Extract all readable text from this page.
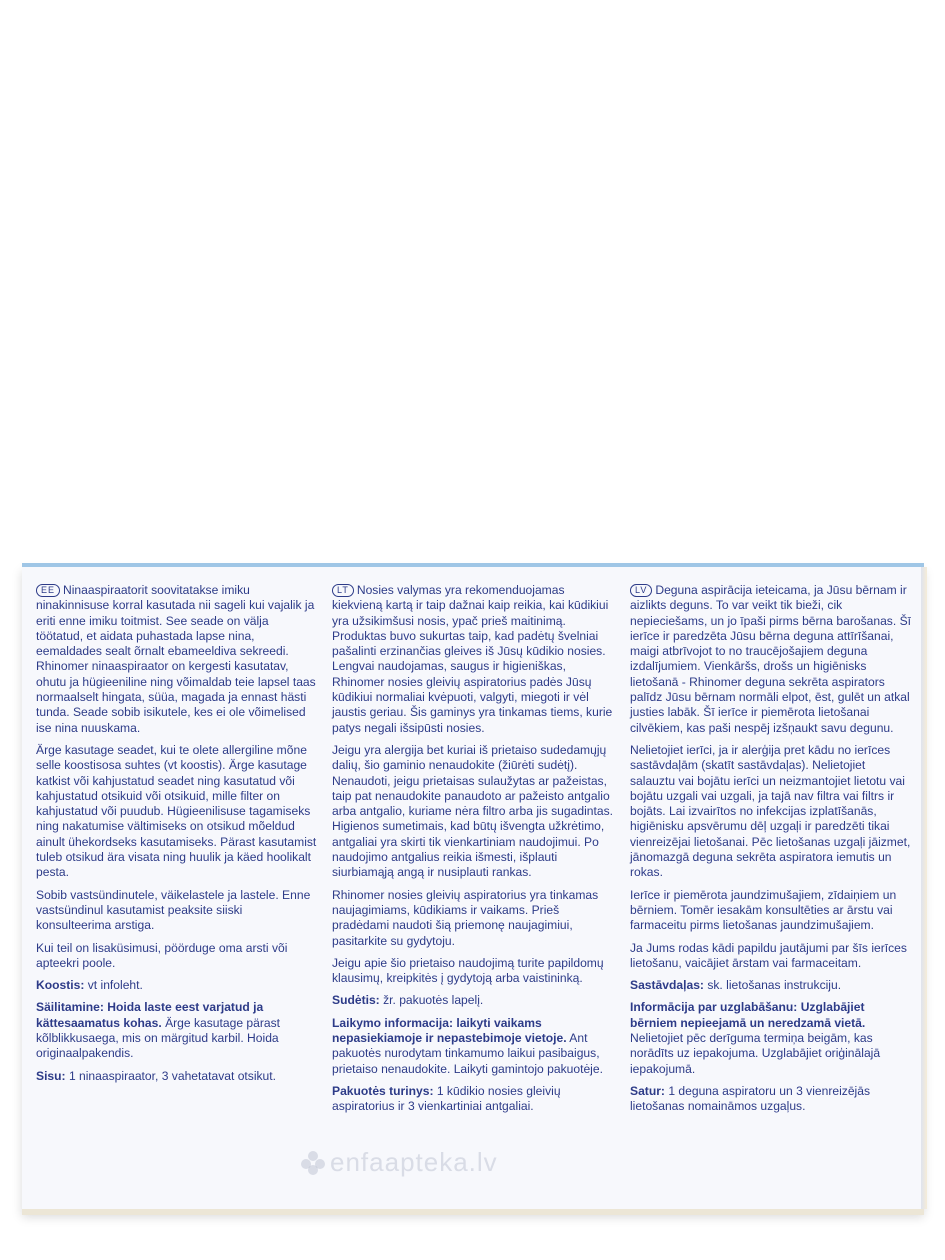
EE Ninaaspiraatorit soovitatakse imiku ninakinnisuse korral kasutada nii sageli kui vajalik ja eriti enne imiku toitmist. See seade on välja töötatud, et aidata puhastada lapse nina, eemaldades sealt õrnalt ebameeldiva sekreedi. Rhinomer ninaaspiraator on kergesti kasutatav, ohutu ja hügieeniline ning võimaldab teie lapsel taas normaalselt hingata, süüa, magada ja ennast hästi tunda. Seade sobib isikutele, kes ei ole võimelised ise nina nuuskama.

Ärge kasutage seadet, kui te olete allergiline mõne selle koostisosa suhtes (vt koostis). Ärge kasutage katkist või kahjustatud seadet ning kasutatud või kahjustatud otsikuid või otsikuid, mille filter on kahjustatud või puudub. Hügieenilisuse tagamiseks ning nakatumise vältimiseks on otsikud mõeldud ainult ühekordseks kasutamiseks. Pärast kasutamist tuleb otsikud ära visata ning huulik ja käed hoolikalt pesta.

Sobib vastsündinutele, väikelastele ja lastele. Enne vastsündinul kasutamist peaksite siiski konsulteerima arstiga.

Kui teil on lisaküsimusi, pöörduge oma arsti või apteekri poole.

Koostis: vt infoleht.

Säilitamine: Hoida laste eest varjatud ja kättesaamatus kohas. Ärge kasutage pärast kõlblikkusaega, mis on märgitud karbil. Hoida originaalpakendis.

Sisu: 1 ninaaspiraator, 3 vahetatavat otsikut.

LT Nosies valymas yra rekomenduojamas kiekvieną kartą ir taip dažnai kaip reikia, kai kūdikiui yra užsikimšusi nosis, ypač prieš maitinimą. Produktas buvo sukurtas taip, kad padėtų švelniai pašalinti erzinančias gleives iš Jūsų kūdikio nosies. Lengvai naudojamas, saugus ir higieniškas, Rhinomer nosies gleivių aspiratorius padės Jūsų kūdikiui normaliai kvėpuoti, valgyti, miegoti ir vėl jaustis geriau. Šis gaminys yra tinkamas tiems, kurie patys negali išsipūsti nosies.

Jeigu yra alergija bet kuriai iš prietaiso sudedamųjų dalių, šio gaminio nenaudokite (žiūrėti sudėtį). Nenaudoti, jeigu prietaisas sulaužytas ar pažeistas, taip pat nenaudokite panaudoto ar pažeisto antgalio arba antgalio, kuriame nėra filtro arba jis sugadintas. Higienos sumetimais, kad būtų išvengta užkrėtimo, antgaliai yra skirti tik vienkartiniam naudojimui. Po naudojimo antgalius reikia išmesti, išplauti siurbiamąją angą ir nusiplauti rankas.

Rhinomer nosies gleivių aspiratorius yra tinkamas naujagimiams, kūdikiams ir vaikams. Prieš pradėdami naudoti šią priemonę naujagimiui, pasitarkite su gydytoju.

Jeigu apie šio prietaiso naudojimą turite papildomų klausimų, kreipkitės į gydytoją arba vaistininką.

Sudėtis: žr. pakuotės lapelį.

Laikymo informacija: laikyti vaikams nepasiekiamoje ir nepastebimoje vietoje. Ant pakuotės nurodytam tinkamumo laikui pasibaigus, prietaiso nenaudokite. Laikyti gamintojo pakuotėje.

Pakuotės turinys: 1 kūdikio nosies gleivių aspiratorius ir 3 vienkartiniai antgaliai.

LV Deguna aspirācija ieteicama, ja Jūsu bērnam ir aizlikts deguns. To var veikt tik bieži, cik nepieciešams, un jo īpaši pirms bērna barošanas. Šī ierīce ir paredzēta Jūsu bērna deguna attīrīšanai, maigi atbrīvojot to no traucējošajiem deguna izdalījumiem. Vienkāršs, drošs un higiēnisks lietošanā - Rhinomer deguna sekrēta aspirators palīdz Jūsu bērnam normāli elpot, ēst, gulēt un atkal justies labāk. Šī ierīce ir piemērota lietošanai cilvēkiem, kas paši nespēj izšņaukt savu degunu.

Nelietojiet ierīci, ja ir alerģija pret kādu no ierīces sastāvdaļām (skatīt sastāvdaļas). Nelietojiet salauztu vai bojātu ierīci un neizmantojiet lietotu vai bojātu uzgali vai uzgali, ja tajā nav filtra vai filtrs ir bojāts. Lai izvairītos no infekcijas izplatīšanās, higiēnisku apsvērumu dēļ uzgaļi ir paredzēti tikai vienreizējai lietošanai. Pēc lietošanas uzgaļi jāizmet, jānomazgā deguna sekrēta aspiratora iemutis un rokas.

Ierīce ir piemērota jaundzimušajiem, zīdaiņiem un bērniem. Tomēr iesakām konsultēties ar ārstu vai farmaceitu pirms lietošanas jaundzimušajiem.

Ja Jums rodas kādi papildu jautājumi par šīs ierīces lietošanu, vaicājiet ārstam vai farmaceitam.

Sastāvdaļas: sk. lietošanas instrukciju.

Informācija par uzglabāšanu: Uzglabājiet bērniem nepieejamā un neredzamā vietā. Nelietojiet pēc derīguma termiņa beigām, kas norādīts uz iepakojuma. Uzglabājiet oriģinālajā iepakojumā.

Satur: 1 deguna aspiratoru un 3 vienreizējās lietošanas nomaināmos uzgaļus.

enfaapteka.lv
